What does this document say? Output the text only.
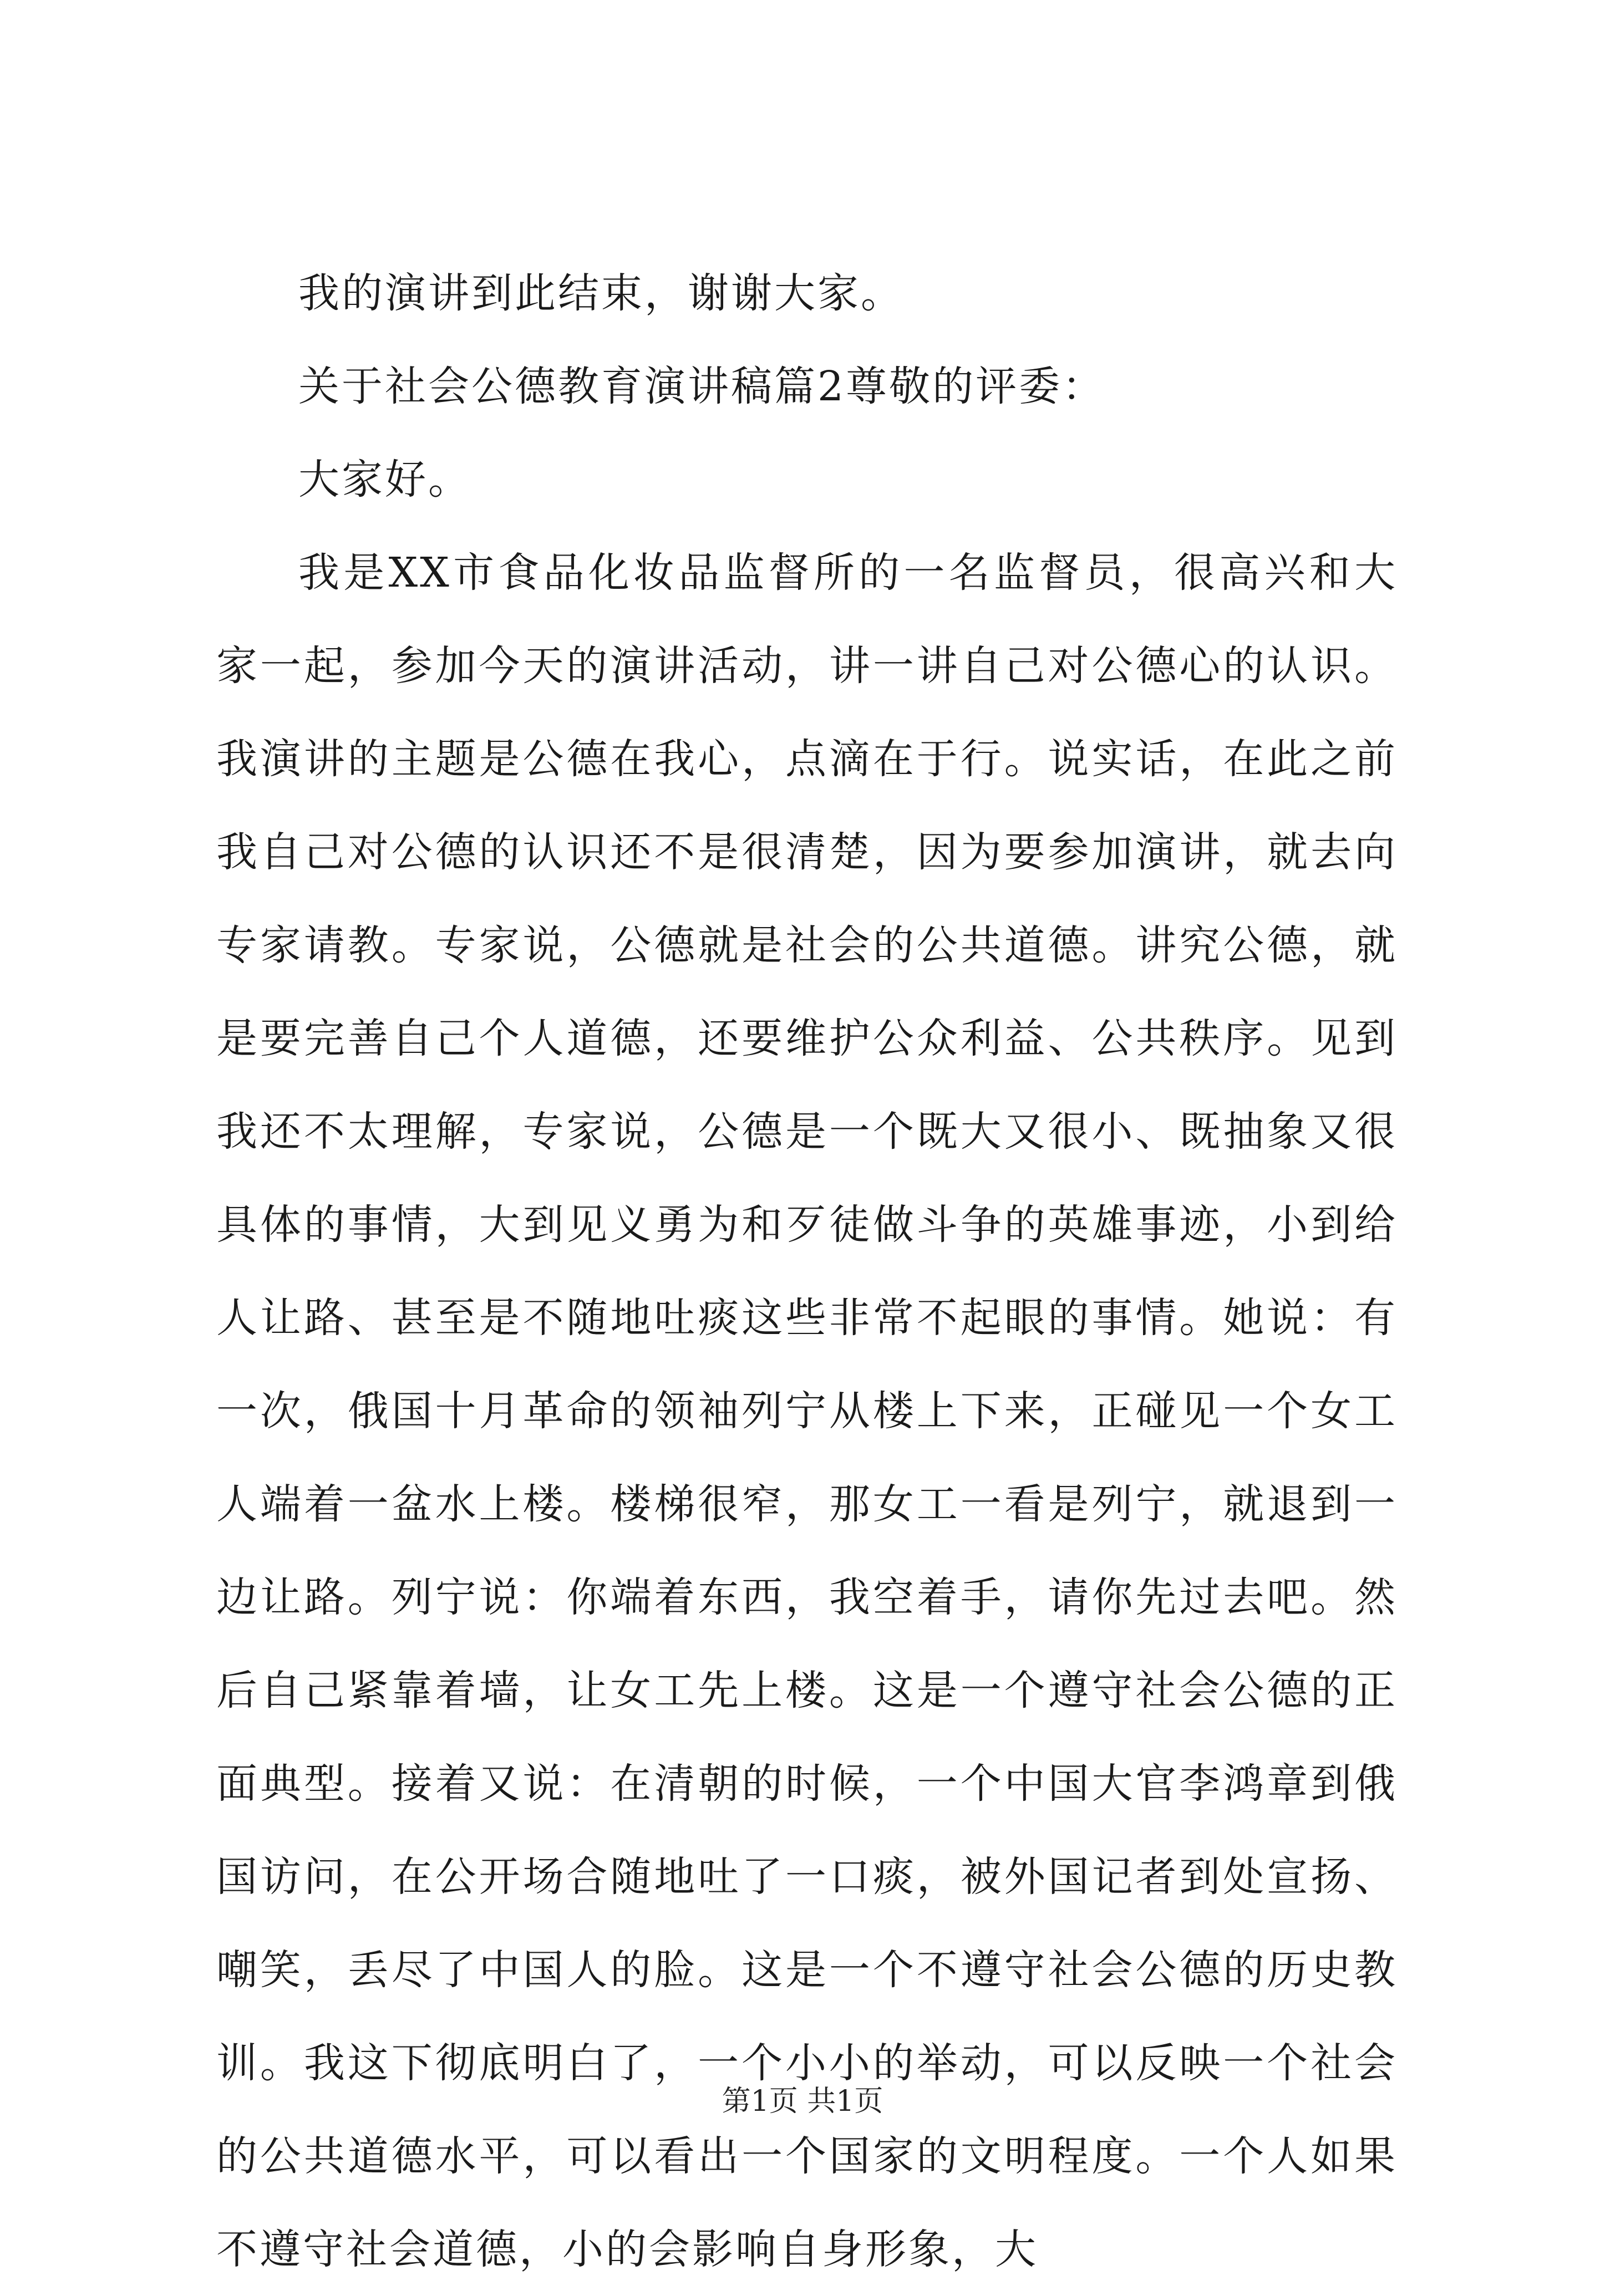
我的演讲到此结束，谢谢大家。

关于社会公德教育演讲稿篇2尊敬的评委：

大家好。

我是XX市食品化妆品监督所的一名监督员，很高兴和大家一起，参加今天的演讲活动，讲一讲自己对公德心的认识。我演讲的主题是公德在我心，点滴在于行。说实话，在此之前我自己对公德的认识还不是很清楚，因为要参加演讲，就去向专家请教。专家说，公德就是社会的公共道德。讲究公德，就是要完善自己个人道德，还要维护公众利益、公共秩序。见到我还不太理解，专家说，公德是一个既大又很小、既抽象又很具体的事情，大到见义勇为和歹徒做斗争的英雄事迹，小到给人让路、甚至是不随地吐痰这些非常不起眼的事情。她说：有一次，俄国十月革命的领袖列宁从楼上下来，正碰见一个女工人端着一盆水上楼。楼梯很窄，那女工一看是列宁，就退到一边让路。列宁说：你端着东西，我空着手，请你先过去吧。然后自己紧靠着墙，让女工先上楼。这是一个遵守社会公德的正面典型。接着又说：在清朝的时候，一个中国大官李鸿章到俄国访问，在公开场合随地吐了一口痰，被外国记者到处宣扬、嘲笑，丢尽了中国人的脸。这是一个不遵守社会公德的历史教训。我这下彻底明白了，一个小小的举动，可以反映一个社会的公共道德水平，可以看出一个国家的文明程度。一个人如果不遵守社会道德，小的会影响自身形象，大

第1页 共1页
